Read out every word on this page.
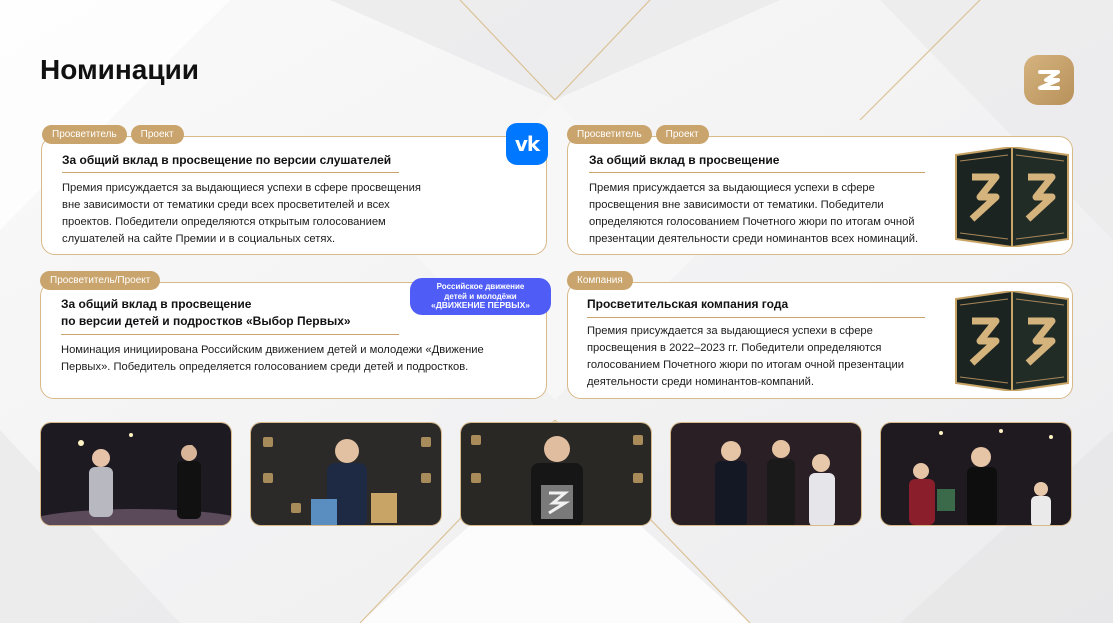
Номинации
Просветитель	Проект
За общий вклад в просвещение по версии слушателей
Премия присуждается за выдающиеся успехи в сфере просвещения вне зависимости от тематики среди всех просветителей и всех проектов. Победители определяются открытым голосованием слушателей на сайте Премии и в социальных сетях.
vk	Просветитель	Проект
За общий вклад в просвещение
Премия присуждается за выдающиеся успехи в сфере просвещения вне зависимости от тематики. Победители определяются голосованием Почетного жюри по итогам очной презентации деятельности среди номинантов всех номинаций.
Просветитель/Проект
За общий вклад в просвещение
по версии детей и подростков «Выбор Первых»
Номинация инициирована Российским движением детей и молодежи «Движение Первых». Победитель определяется голосованием среди детей и подростков.
Российское движение
детей и молодёжи
«ДВИЖЕНИЕ ПЕРВЫХ»
Компания
Просветительская компания года
Премия присуждается за выдающиеся успехи в сфере просвещения в 2022–2023 гг. Победители определяются голосованием Почетного жюри по итогам очной презентации деятельности среди номинантов-компаний.
